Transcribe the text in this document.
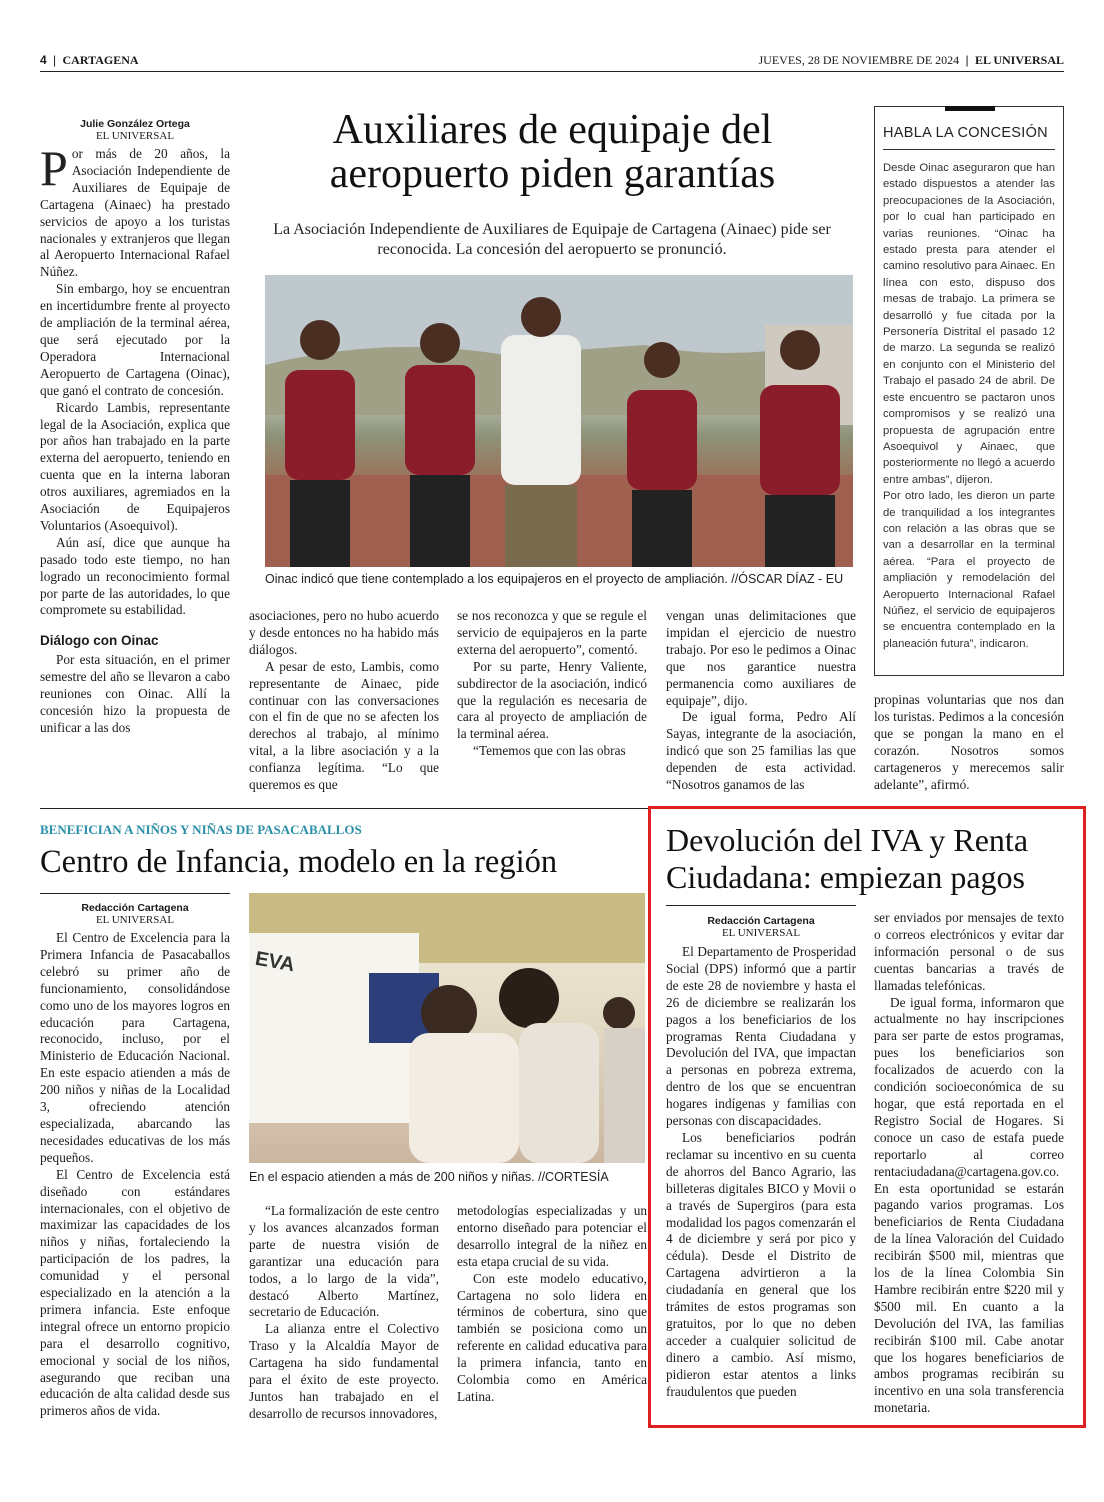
4 | CARTAGENA	JUEVES, 28 DE NOVIEMBRE DE 2024 | EL UNIVERSAL
Julie González Ortega
EL UNIVERSAL	Auxiliares de equipaje del aeropuerto piden garantías
La Asociación Independiente de Auxiliares de Equipaje de Cartagena (Ainaec) pide ser reconocida. La concesión del aeropuerto se pronunció.

Por más de 20 años, la Asociación Independiente de Auxiliares de Equipaje de Cartagena (Ainaec) ha prestado servicios de apoyo a los turistas nacionales y extranjeros que llegan al Aeropuerto Internacional Rafael Núñez.

Sin embargo, hoy se encuentran en incertidumbre frente al proyecto de ampliación de la terminal aérea, que será ejecutado por la Operadora Internacional Aeropuerto de Cartagena (Oinac), que ganó el contrato de concesión.

Ricardo Lambis, representante legal de la Asociación, explica que por años han trabajado en la parte externa del aeropuerto, teniendo en cuenta que en la interna laboran otros auxiliares, agremiados en la Asociación de Equipajeros Voluntarios (Asoequivol).

Aún así, dice que aunque ha pasado todo este tiempo, no han logrado un reconocimiento formal por parte de las autoridades, lo que compromete su estabilidad.

Diálogo con Oinac

Por esta situación, en el primer semestre del año se llevaron a cabo reuniones con Oinac. Allí la concesión hizo la propuesta de unificar a las dos

Oinac indicó que tiene contemplado a los equipajeros en el proyecto de ampliación. //ÓSCAR DÍAZ - EU

asociaciones, pero no hubo acuerdo y desde entonces no ha habido más diálogos.

A pesar de esto, Lambis, como representante de Ainaec, pide continuar con las conversaciones con el fin de que no se afecten los derechos al trabajo, al mínimo vital, a la libre asociación y a la confianza legítima. “Lo que queremos es que

se nos reconozca y que se regule el servicio de equipajeros en la parte externa del aeropuerto”, comentó.

Por su parte, Henry Valiente, subdirector de la asociación, indicó que la regulación es necesaria de cara al proyecto de ampliación de la terminal aérea.

“Tememos que con las obras

vengan unas delimitaciones que impidan el ejercicio de nuestro trabajo. Por eso le pedimos a Oinac que nos garantice nuestra permanencia como auxiliares de equipaje”, dijo.

De igual forma, Pedro Alí Sayas, integrante de la asociación, indicó que son 25 familias las que dependen de esta actividad. “Nosotros ganamos de las

propinas voluntarias que nos dan los turistas. Pedimos a la concesión que se pongan la mano en el corazón. Nosotros somos cartageneros y merecemos salir adelante”, afirmó.

HABLA LA CONCESIÓN

Desde Oinac aseguraron que han estado dispuestos a atender las preocupaciones de la Asociación, por lo cual han participado en varias reuniones. “Oinac ha estado presta para atender el camino resolutivo para Ainaec. En línea con esto, dispuso dos mesas de trabajo. La primera se desarrolló y fue citada por la Personería Distrital el pasado 12 de marzo. La segunda se realizó en conjunto con el Ministerio del Trabajo el pasado 24 de abril. De este encuentro se pactaron unos compromisos y se realizó una propuesta de agrupación entre Asoequivol y Ainaec, que posteriormente no llegó a acuerdo entre ambas”, dijeron.

Por otro lado, les dieron un parte de tranquilidad a los integrantes con relación a las obras que se van a desarrollar en la terminal aérea. “Para el proyecto de ampliación y remodelación del Aeropuerto Internacional Rafael Núñez, el servicio de equipajeros se encuentra contemplado en la planeación futura”, indicaron.

BENEFICIAN A NIÑOS Y NIÑAS DE PASACABALLOS
Centro de Infancia, modelo en la región
Redacción Cartagena
EL UNIVERSAL

El Centro de Excelencia para la Primera Infancia de Pasacaballos celebró su primer año de funcionamiento, consolidándose como uno de los mayores logros en educación para Cartagena, reconocido, incluso, por el Ministerio de Educación Nacional. En este espacio atienden a más de 200 niños y niñas de la Localidad 3, ofreciendo atención especializada, abarcando las necesidades educativas de los más pequeños.

El Centro de Excelencia está diseñado con estándares internacionales, con el objetivo de maximizar las capacidades de los niños y niñas, fortaleciendo la participación de los padres, la comunidad y el personal especializado en la atención a la primera infancia. Este enfoque integral ofrece un entorno propicio para el desarrollo cognitivo, emocional y social de los niños, asegurando que reciban una educación de alta calidad desde sus primeros años de vida.

EVA
En el espacio atienden a más de 200 niños y niñas. //CORTESÍA

“La formalización de este centro y los avances alcanzados forman parte de nuestra visión de garantizar una educación para todos, a lo largo de la vida”, destacó Alberto Martínez, secretario de Educación.

La alianza entre el Colectivo Traso y la Alcaldía Mayor de Cartagena ha sido fundamental para el éxito de este proyecto. Juntos han trabajado en el desarrollo de recursos innovadores,

metodologías especializadas y un entorno diseñado para potenciar el desarrollo integral de la niñez en esta etapa crucial de su vida.

Con este modelo educativo, Cartagena no solo lidera en términos de cobertura, sino que también se posiciona como un referente en calidad educativa para la primera infancia, tanto en Colombia como en América Latina.

Devolución del IVA y Renta Ciudadana: empiezan pagos
Redacción Cartagena
EL UNIVERSAL

El Departamento de Prosperidad Social (DPS) informó que a partir de este 28 de noviembre y hasta el 26 de diciembre se realizarán los pagos a los beneficiarios de los programas Renta Ciudadana y Devolución del IVA, que impactan a personas en pobreza extrema, dentro de los que se encuentran hogares indígenas y familias con personas con discapacidades.

Los beneficiarios podrán reclamar su incentivo en su cuenta de ahorros del Banco Agrario, las billeteras digitales BICO y Movii o a través de Supergiros (para esta modalidad los pagos comenzarán el 4 de diciembre y será por pico y cédula). Desde el Distrito de Cartagena advirtieron a la ciudadanía en general que los trámites de estos programas son gratuitos, por lo que no deben acceder a cualquier solicitud de dinero a cambio. Así mismo, pidieron estar atentos a links fraudulentos que pueden

ser enviados por mensajes de texto o correos electrónicos y evitar dar información personal o de sus cuentas bancarias a través de llamadas telefónicas.

De igual forma, informaron que actualmente no hay inscripciones para ser parte de estos programas, pues los beneficiarios son focalizados de acuerdo con la condición socioeconómica de su hogar, que está reportada en el Registro Social de Hogares. Si conoce un caso de estafa puede reportarlo al correo rentaciudadana@cartagena.gov.co. En esta oportunidad se estarán pagando varios programas. Los beneficiarios de Renta Ciudadana de la línea Valoración del Cuidado recibirán $500 mil, mientras que los de la línea Colombia Sin Hambre recibirán entre $220 mil y $500 mil. En cuanto a la Devolución del IVA, las familias recibirán $100 mil. Cabe anotar que los hogares beneficiarios de ambos programas recibirán su incentivo en una sola transferencia monetaria.
